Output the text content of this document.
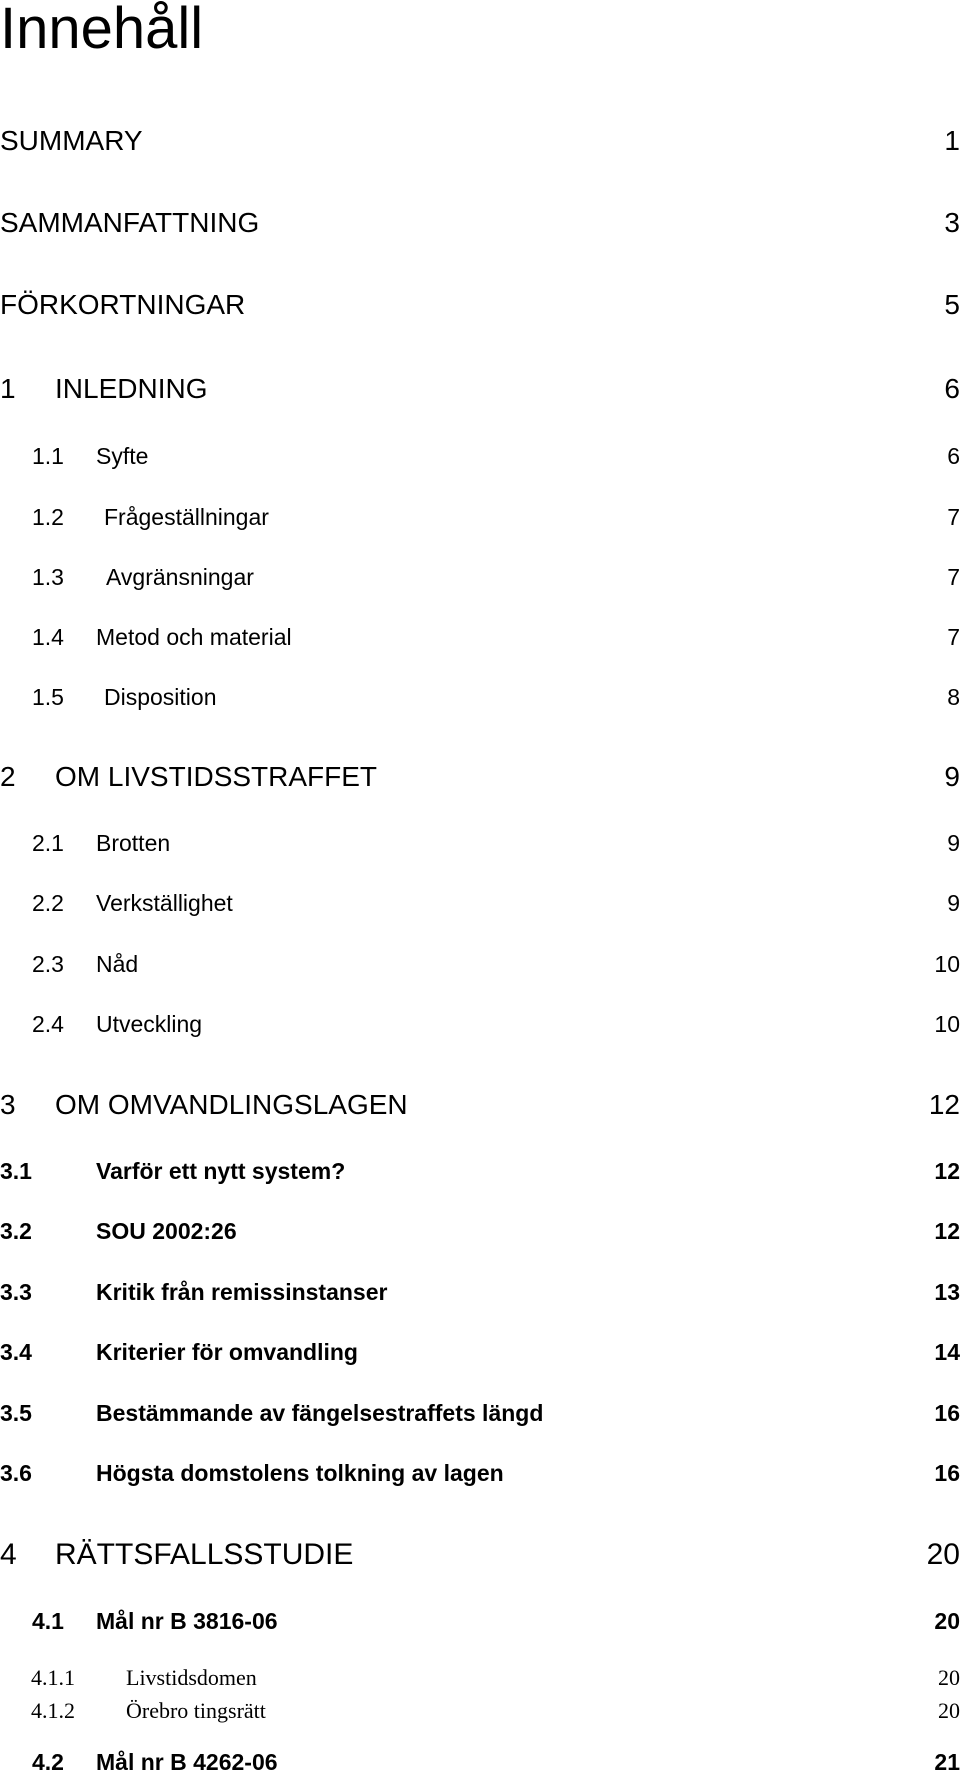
Innehåll
SUMMARY	1
SAMMANFATTNING	3
FÖRKORTNINGAR	5
1 INLEDNING	6
1.1 Syfte	6
1.2 Frågeställningar	7
1.3 Avgränsningar	7
1.4 Metod och material	7
1.5 Disposition	8
2 OM LIVSTIDSSTRAFFET	9
2.1 Brotten	9
2.2 Verkställighet	9
2.3 Nåd	10
2.4 Utveckling	10
3 OM OMVANDLINGSLAGEN	12
3.1	Varför ett nytt system?	12
3.2	SOU 2002:26	12
3.3	Kritik från remissinstanser	13
3.4	Kriterier för omvandling	14
3.5	Bestämmande av fängelsestraffets längd	16
3.6	Högsta domstolens tolkning av lagen	16
4 RÄTTSFALLSSTUDIE	20
4.1 Mål nr B 3816-06	20
4.1.1 Livstidsdomen	20
4.1.2 Örebro tingsrätt	20
4.2 Mål nr B 4262-06	21
